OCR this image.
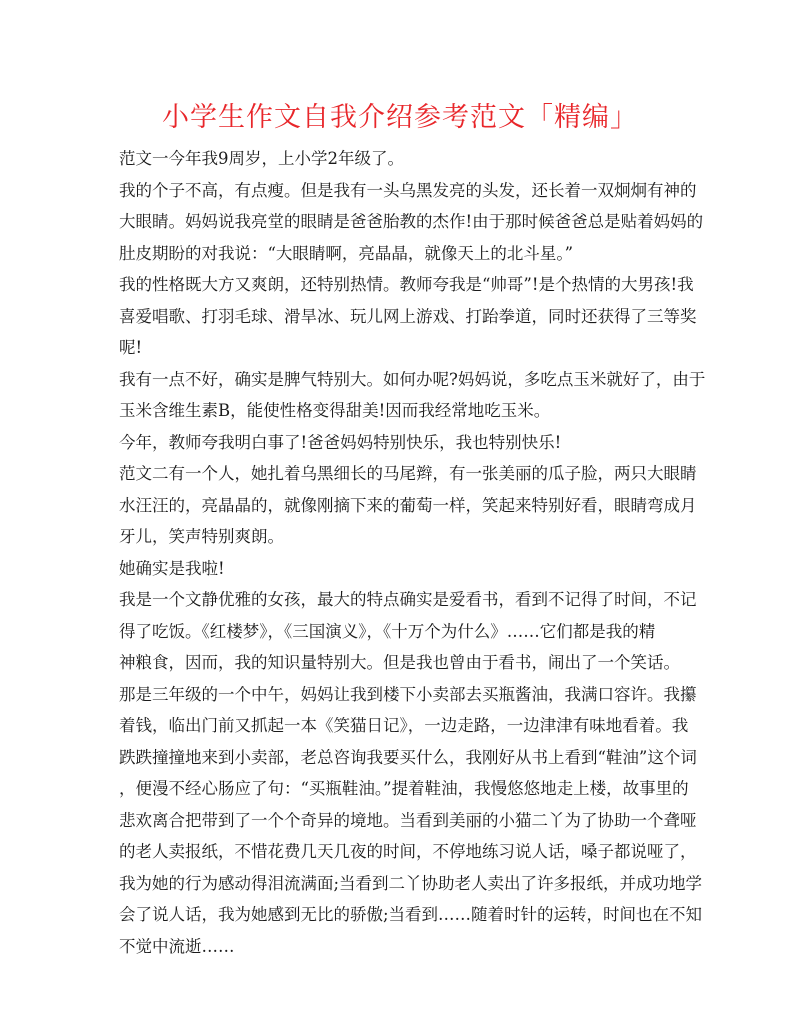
小学生作文自我介绍参考范文「精编」
范文一今年我9周岁，上小学2年级了。
我的个子不高，有点瘦。但是我有一头乌黑发亮的头发，还长着一双炯炯有神的
大眼睛。妈妈说我亮堂的眼睛是爸爸胎教的杰作!由于那时候爸爸总是贴着妈妈的
肚皮期盼的对我说：“大眼睛啊，亮晶晶，就像天上的北斗星。”
我的性格既大方又爽朗，还特别热情。教师夸我是“帅哥”!是个热情的大男孩!我
喜爱唱歌、打羽毛球、滑旱冰、玩儿网上游戏、打跆拳道，同时还获得了三等奖
呢!
我有一点不好，确实是脾气特别大。如何办呢?妈妈说，多吃点玉米就好了，由于
玉米含维生素B，能使性格变得甜美!因而我经常地吃玉米。
今年，教师夸我明白事了!爸爸妈妈特别快乐，我也特别快乐!
范文二有一个人，她扎着乌黑细长的马尾辫，有一张美丽的瓜子脸，两只大眼睛
水汪汪的，亮晶晶的，就像刚摘下来的葡萄一样，笑起来特别好看，眼睛弯成月
牙儿，笑声特别爽朗。
她确实是我啦!
我是一个文静优雅的女孩，最大的特点确实是爱看书，看到不记得了时间，不记
得了吃饭。《红楼梦》，《三国演义》，《十万个为什么》……它们都是我的精
神粮食，因而，我的知识量特别大。但是我也曾由于看书，闹出了一个笑话。
那是三年级的一个中午，妈妈让我到楼下小卖部去买瓶酱油，我满口容许。我攥
着钱，临出门前又抓起一本《笑猫日记》，一边走路，一边津津有味地看着。我
跌跌撞撞地来到小卖部，老总咨询我要买什么，我刚好从书上看到“鞋油”这个词
，便漫不经心肠应了句：“买瓶鞋油。”提着鞋油，我慢悠悠地走上楼，故事里的
悲欢离合把带到了一个个奇异的境地。当看到美丽的小猫二丫为了协助一个聋哑
的老人卖报纸，不惜花费几天几夜的时间，不停地练习说人话，嗓子都说哑了，
我为她的行为感动得泪流满面;当看到二丫协助老人卖出了许多报纸，并成功地学
会了说人话，我为她感到无比的骄傲;当看到……随着时针的运转，时间也在不知
不觉中流逝……
